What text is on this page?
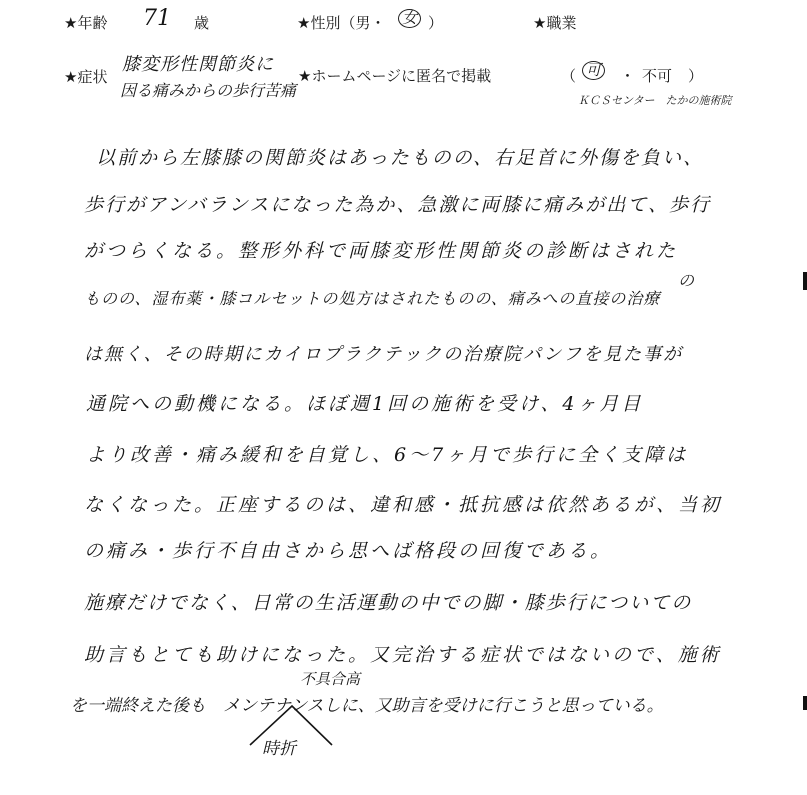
★年齢 71 歳	★性別（男・ 女 ）	★職業
★症状
膝変形性関節炎に
因る痛みからの歩行苦痛
★ホームページに匿名で掲載	（ 可 ・ 不可 ）
ＫＣＳセンター　たかの施術院
以前から左膝膝の関節炎はあったものの、右足首に外傷を負い、
歩行がアンバランスになった為か、急激に両膝に痛みが出て、歩行
がつらくなる。整形外科で両膝変形性関節炎の診断はされた
ものの、湿布薬・膝コルセットの処方はされたものの、痛みへの直接の治療
の
は無く、その時期にカイロプラクテックの治療院パンフを見た事が
通院への動機になる。ほぼ週1回の施術を受け、4ヶ月目
より改善・痛み緩和を自覚し、6〜7ヶ月で歩行に全く支障は
なくなった。正座するのは、違和感・抵抗感は依然あるが、当初
の痛み・歩行不自由さから思へば格段の回復である。
施療だけでなく、日常の生活運動の中での脚・膝歩行についての
助言もとても助けになった。又完治する症状ではないので、施術
不具合高
を一端終えた後も　メンテナンスしに、又助言を受けに行こうと思っている。
時折
